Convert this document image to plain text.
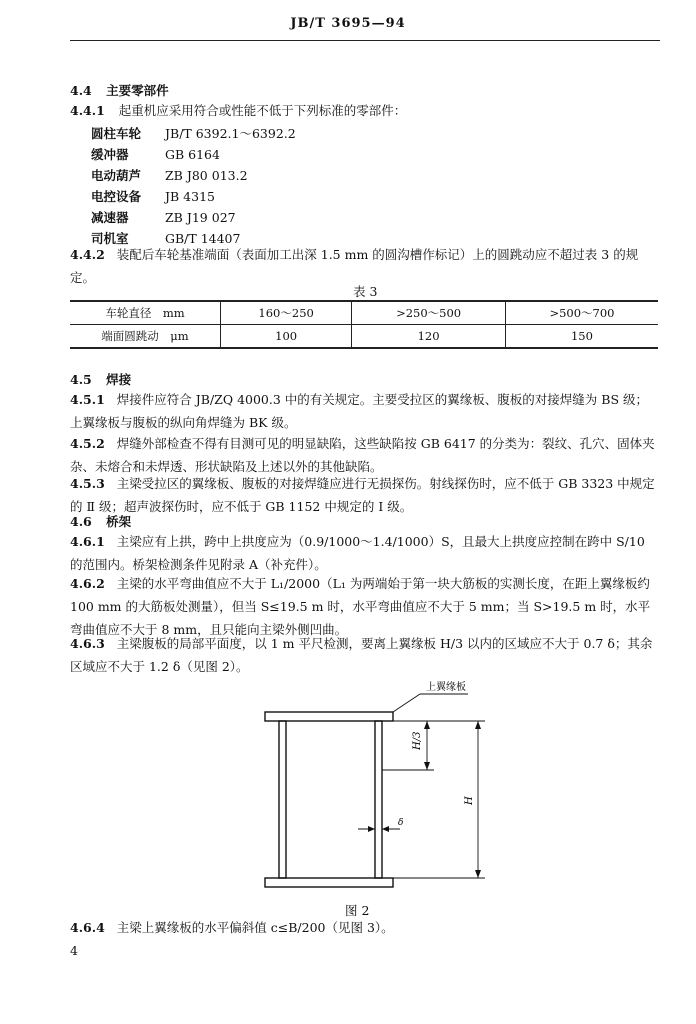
JB/T 3695—94
4.4 主要零部件
4.4.1 起重机应采用符合或性能不低于下列标准的零部件：
圆柱车轮 JB/T 6392.1～6392.2
缓冲器	GB 6164
电动葫芦 ZB J80 013.2
电控设备 JB 4315
减速器	ZB J19 027
司机室	GB/T 14407
4.4.2 装配后车轮基准端面（表面加工出深 1.5 mm 的圆沟槽作标记）上的圆跳动应不超过表 3 的规定。
表 3
车轮直径　mm	160～250	>250～500	>500～700
端面圆跳动　μm	100	120	150
4.5 焊接
4.5.1 焊接件应符合 JB/ZQ 4000.3 中的有关规定。主要受拉区的翼缘板、腹板的对接焊缝为 BS 级；上翼缘板与腹板的纵向角焊缝为 BK 级。
4.5.2 焊缝外部检查不得有目测可见的明显缺陷，这些缺陷按 GB 6417 的分类为：裂纹、孔穴、固体夹杂、未熔合和未焊透、形状缺陷及上述以外的其他缺陷。
4.5.3 主梁受拉区的翼缘板、腹板的对接焊缝应进行无损探伤。射线探伤时，应不低于 GB 3323 中规定的 Ⅱ 级；超声波探伤时，应不低于 GB 1152 中规定的 Ⅰ 级。
4.6 桥架
4.6.1 主梁应有上拱，跨中上拱度应为（0.9/1000～1.4/1000）S，且最大上拱度应控制在跨中 S/10 的范围内。桥架检测条件见附录 A（补充件）。
4.6.2 主梁的水平弯曲值应不大于 L₁/2000（L₁ 为两端始于第一块大筋板的实测长度，在距上翼缘板约 100 mm 的大筋板处测量），但当 S≤19.5 m 时，水平弯曲值应不大于 5 mm；当 S>19.5 m 时，水平弯曲值应不大于 8 mm，且只能向主梁外侧凹曲。
4.6.3 主梁腹板的局部平面度，以 1 m 平尺检测，要离上翼缘板 H/3 以内的区域应不大于 0.7 δ；其余区域应不大于 1.2 δ（见图 2）。
上翼缘板
H/3
H
δ
图 2
4.6.4 主梁上翼缘板的水平偏斜值 c≤B/200（见图 3）。
4
